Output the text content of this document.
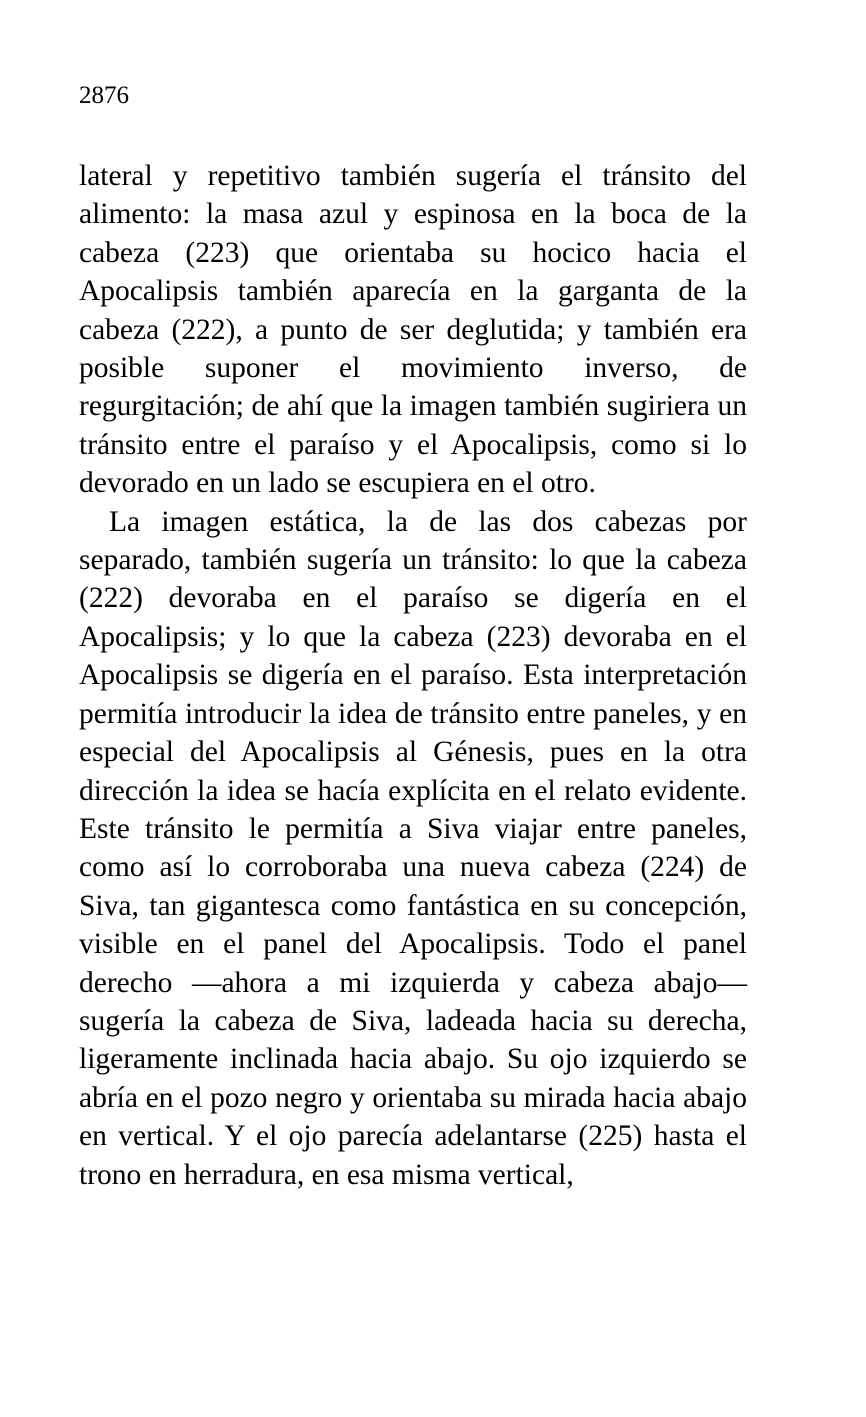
2876

lateral y repetitivo también sugería el tránsito del alimento: la masa azul y espinosa en la boca de la cabeza (223) que orientaba su hocico hacia el Apocalipsis también aparecía en la garganta de la cabeza (222), a punto de ser deglutida; y también era posible suponer el movimiento inverso, de regurgitación; de ahí que la imagen también sugiriera un tránsito entre el paraíso y el Apocalipsis, como si lo devorado en un lado se escupiera en el otro.

La imagen estática, la de las dos cabezas por separado, también sugería un tránsito: lo que la cabeza (222) devoraba en el paraíso se digería en el Apocalipsis; y lo que la cabeza (223) devoraba en el Apocalipsis se digería en el paraíso. Esta interpretación permitía introducir la idea de tránsito entre paneles, y en especial del Apocalipsis al Génesis, pues en la otra dirección la idea se hacía explícita en el relato evidente. Este tránsito le permitía a Siva viajar entre paneles, como así lo corroboraba una nueva cabeza (224) de Siva, tan gigantesca como fantástica en su concepción, visible en el panel del Apocalipsis. Todo el panel derecho —ahora a mi izquierda y cabeza abajo— sugería la cabeza de Siva, ladeada hacia su derecha, ligeramente inclinada hacia abajo. Su ojo izquierdo se abría en el pozo negro y orientaba su mirada hacia abajo en vertical. Y el ojo parecía adelantarse (225) hasta el trono en herradura, en esa misma vertical,
